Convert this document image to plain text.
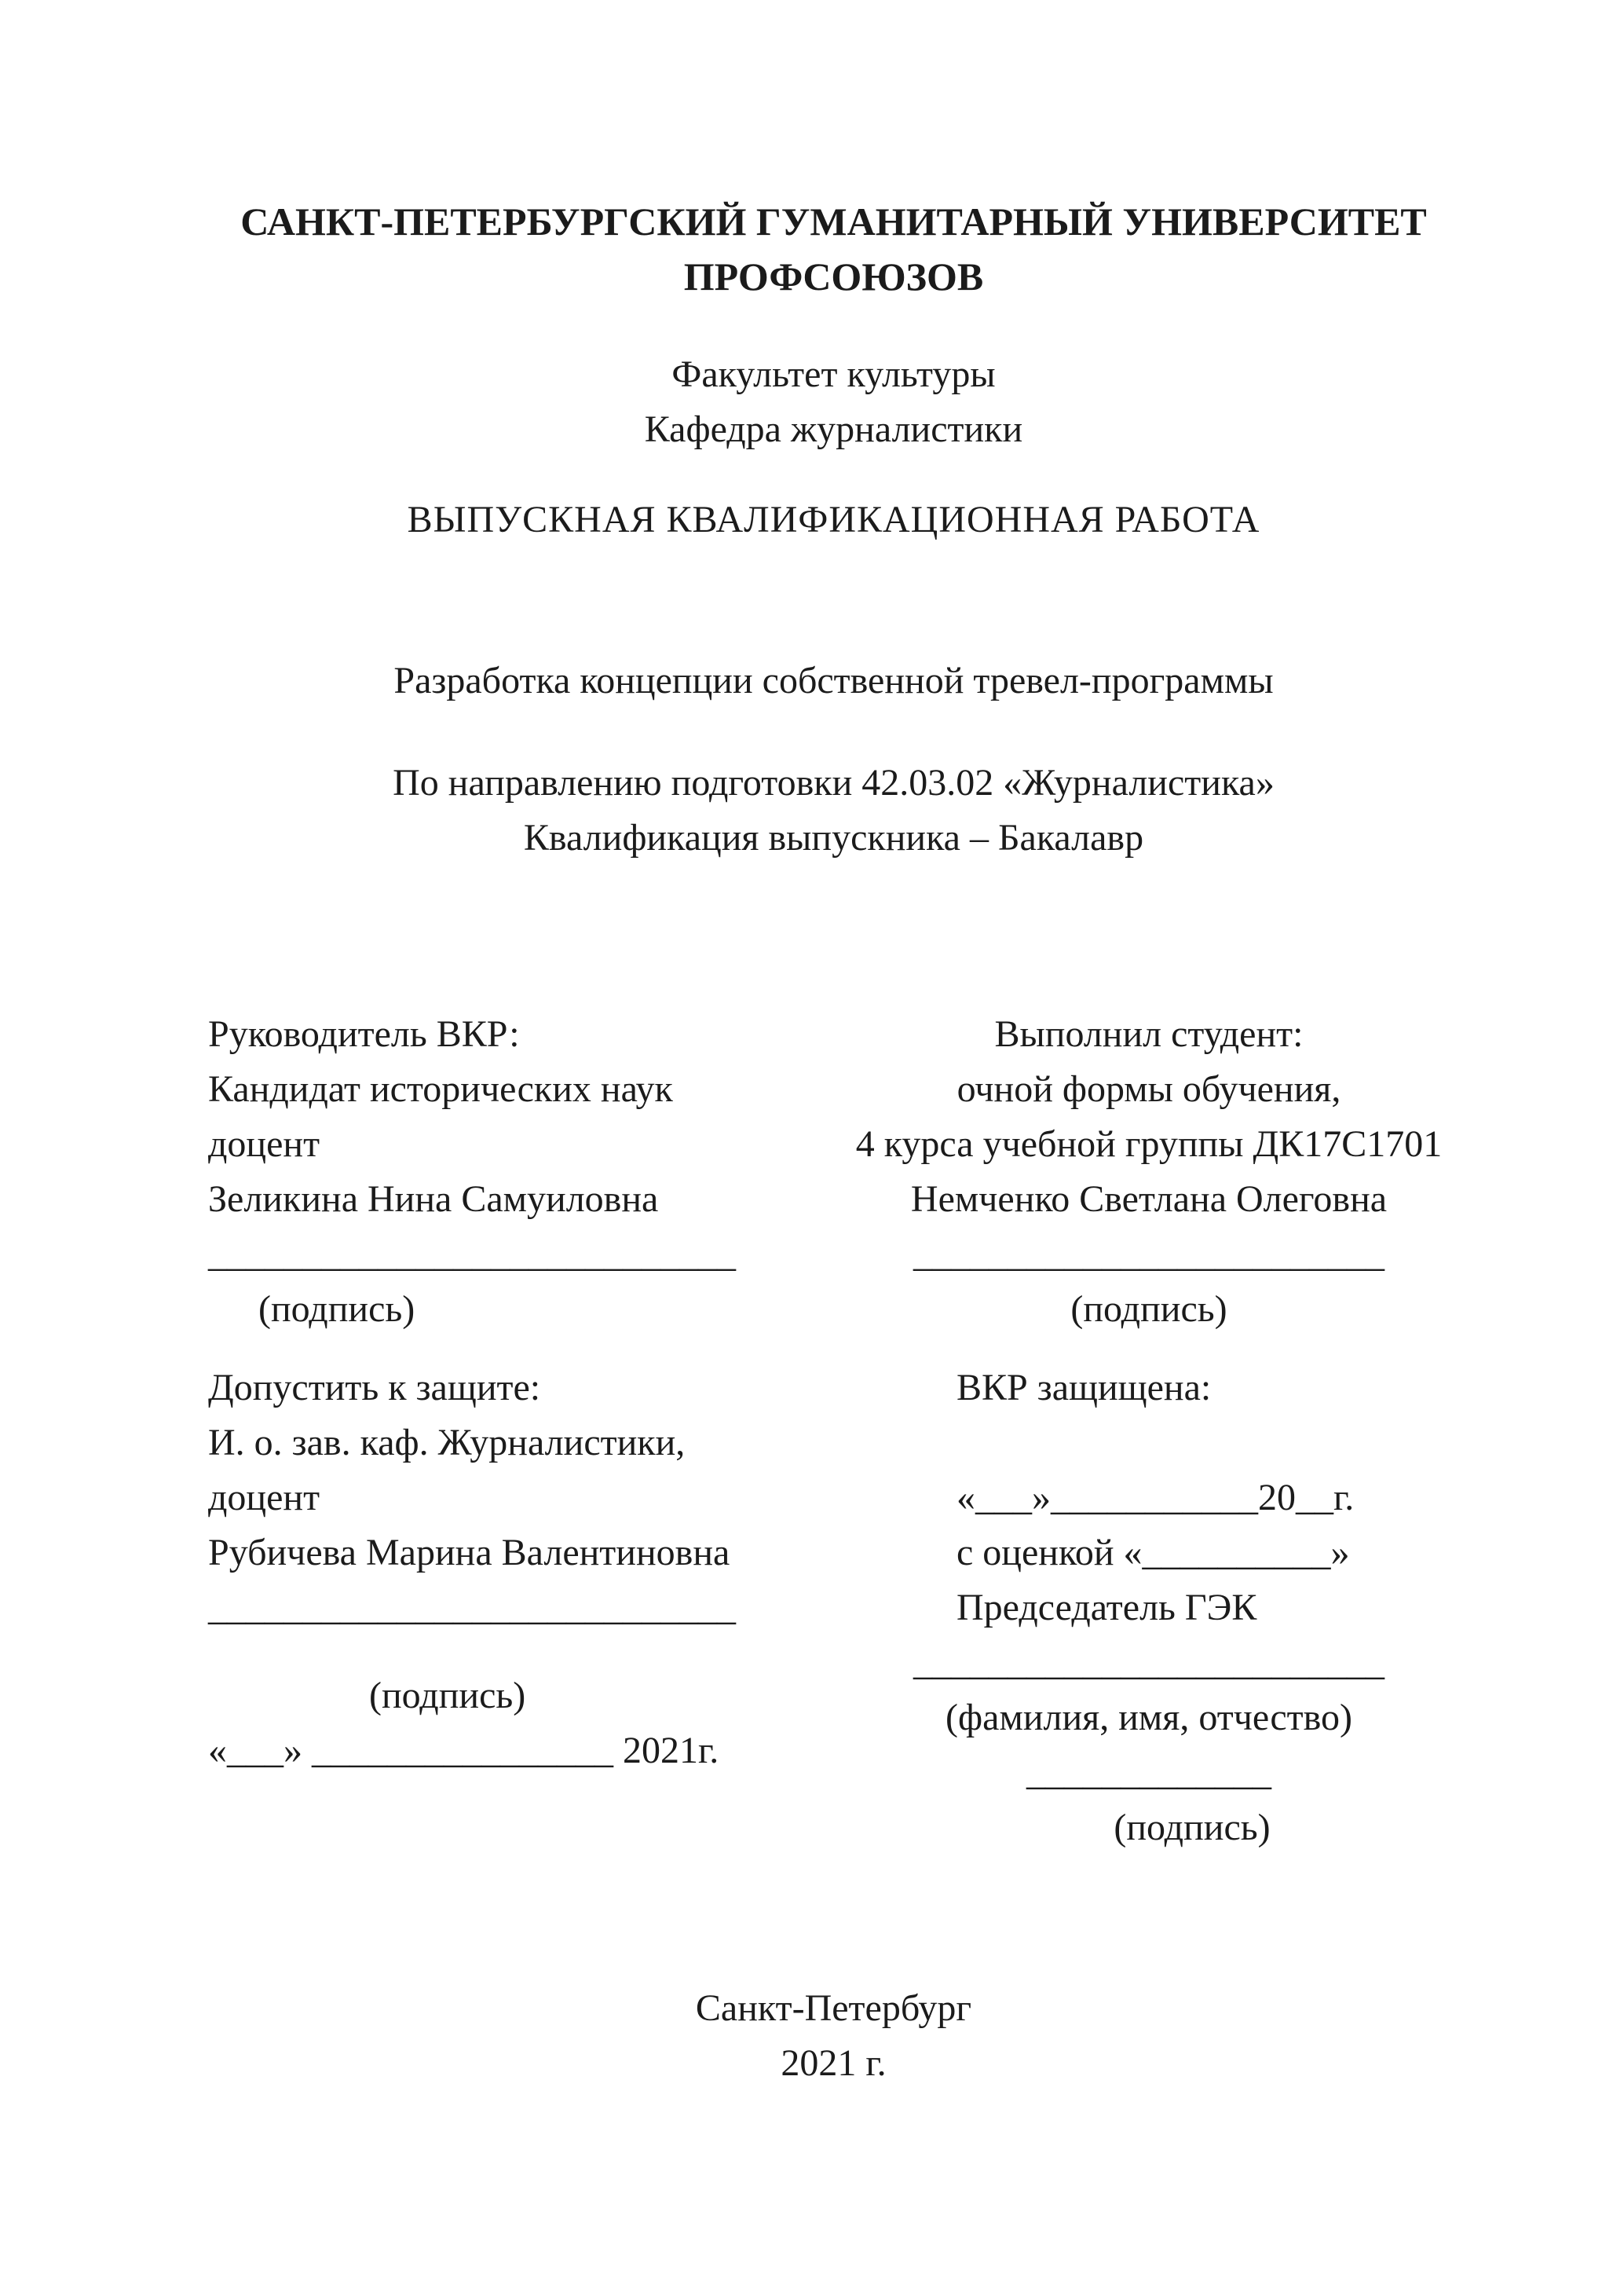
САНКТ-ПЕТЕРБУРГСКИЙ ГУМАНИТАРНЫЙ УНИВЕРСИТЕТ ПРОФСОЮЗОВ
Факультет культуры
Кафедра журналистики
ВЫПУСКНАЯ КВАЛИФИКАЦИОННАЯ РАБОТА
Разработка концепции собственной тревел-программы
По направлению подготовки 42.03.02 «Журналистика»
Квалификация выпускника – Бакалавр
Руководитель ВКР:
Кандидат исторических наук
доцент
Зеликина Нина Самуиловна
____________________________
(подпись)
Допустить к защите:
И. о. зав. каф. Журналистики,
доцент
Рубичева Марина Валентиновна
____________________________
(подпись)
«___» ________________ 2021г.
Выполнил студент:
очной формы обучения,
4 курса учебной группы ДК17С1701
Немченко Светлана Олеговна
_________________________
(подпись)
ВКР защищена:
«___»___________20__г.
с оценкой «__________»
Председатель ГЭК
_________________________
(фамилия, имя, отчество)
_____________
(подпись)
Санкт-Петербург
2021 г.
